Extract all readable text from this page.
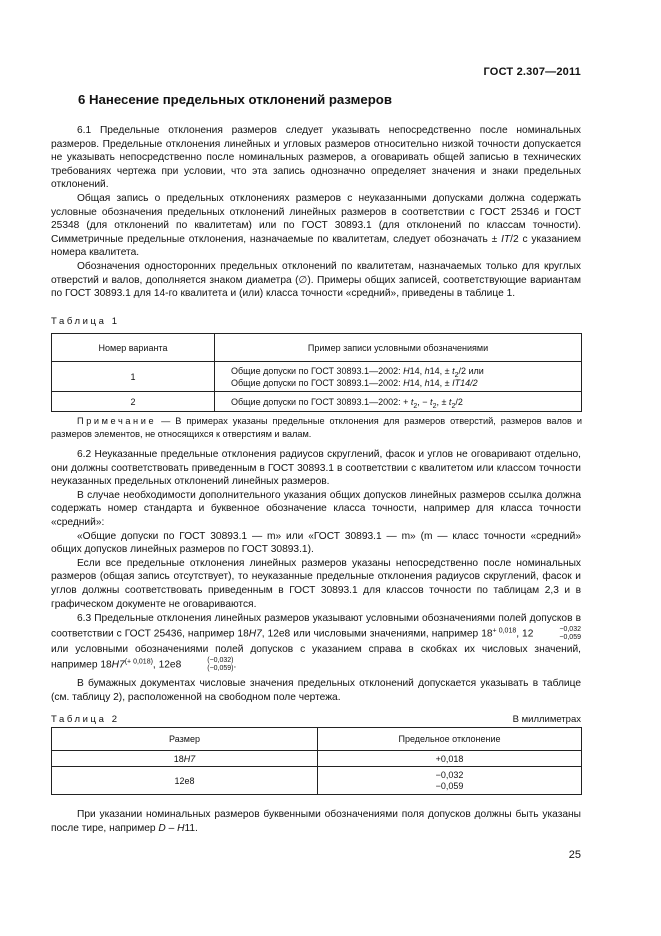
ГОСТ 2.307—2011
6 Нанесение предельных отклонений размеров

6.1 Предельные отклонения размеров следует указывать непосредственно после номинальных размеров. Предельные отклонения линейных и угловых размеров относительно низкой точности допускается не указывать непосредственно после номинальных размеров, а оговаривать общей записью в технических требованиях чертежа при условии, что эта запись однозначно определяет значения и знаки предельных отклонений.

Общая запись о предельных отклонениях размеров с неуказанными допусками должна содержать условные обозначения предельных отклонений линейных размеров в соответствии с ГОСТ 25346 и ГОСТ 25348 (для отклонений по квалитетам) или по ГОСТ 30893.1 (для отклонений по классам точности). Симметричные предельные отклонения, назначаемые по квалитетам, следует обозначать ± IT/2 с указанием номера квалитета.

Обозначения односторонних предельных отклонений по квалитетам, назначаемых только для круглых отверстий и валов, дополняется знаком диаметра (∅). Примеры общих записей, соответствующие вариантам по ГОСТ 30893.1 для 14-го квалитета и (или) класса точности «средний», приведены в таблице 1.

Таблица 1
Номер варианта	Пример записи условными обозначениями
1	Общие допуски по ГОСТ 30893.1—2002: H14, h14, ± $t_2/2$ или
Общие допуски по ГОСТ 30893.1—2002: H14, h14, ± IT14/2
2	Общие допуски по ГОСТ 30893.1—2002: + $t_2$, − $t_2$, ± $t_2/2$

Примечание — В примерах указаны предельные отклонения для размеров отверстий, размеров валов и размеров элементов, не относящихся к отверстиям и валам.

6.2 Неуказанные предельные отклонения радиусов скруглений, фасок и углов не оговаривают отдельно, они должны соответствовать приведенным в ГОСТ 30893.1 в соответствии с квалитетом или классом точности неуказанных предельных отклонений линейных размеров.

В случае необходимости дополнительного указания общих допусков линейных размеров ссылка должна содержать номер стандарта и буквенное обозначение класса точности, например для класса точности «средний»:

«Общие допуски по ГОСТ 30893.1 — m» или «ГОСТ 30893.1 — m» (m — класс точности «средний» общих допусков линейных размеров по ГОСТ 30893.1).

Если все предельные отклонения линейных размеров указаны непосредственно после номинальных размеров (общая запись отсутствует), то неуказанные предельные отклонения радиусов скруглений, фасок и углов должны соответствовать приведенным в ГОСТ 30893.1 для классов точности по таблицам 2,3 и в графическом документе не оговариваются.

6.3 Предельные отклонения линейных размеров указывают условными обозначениями полей допусков в соответствии с ГОСТ 25436, например 18H7, 12e8 или числовыми значениями, например $18^{+ 0,018}$, 12	−0,032
−0,059
или условными обозначениями полей допусков с указанием справа в скобках их числовых значений, например $18H7^{(+ 0,018)}$, 12e8	(−0,032)
(−0,059) .

В бумажных документах числовые значения предельных отклонений допускается указывать в таблице (см. таблицу 2), расположенной на свободном поле чертежа.

Таблица 2	В миллиметрах
Размер	Предельное отклонение
18H7	+0,018
12e8	−0,032
−0,059

При указании номинальных размеров буквенными обозначениями поля допусков должны быть указаны после тире, например D – H11.

25
